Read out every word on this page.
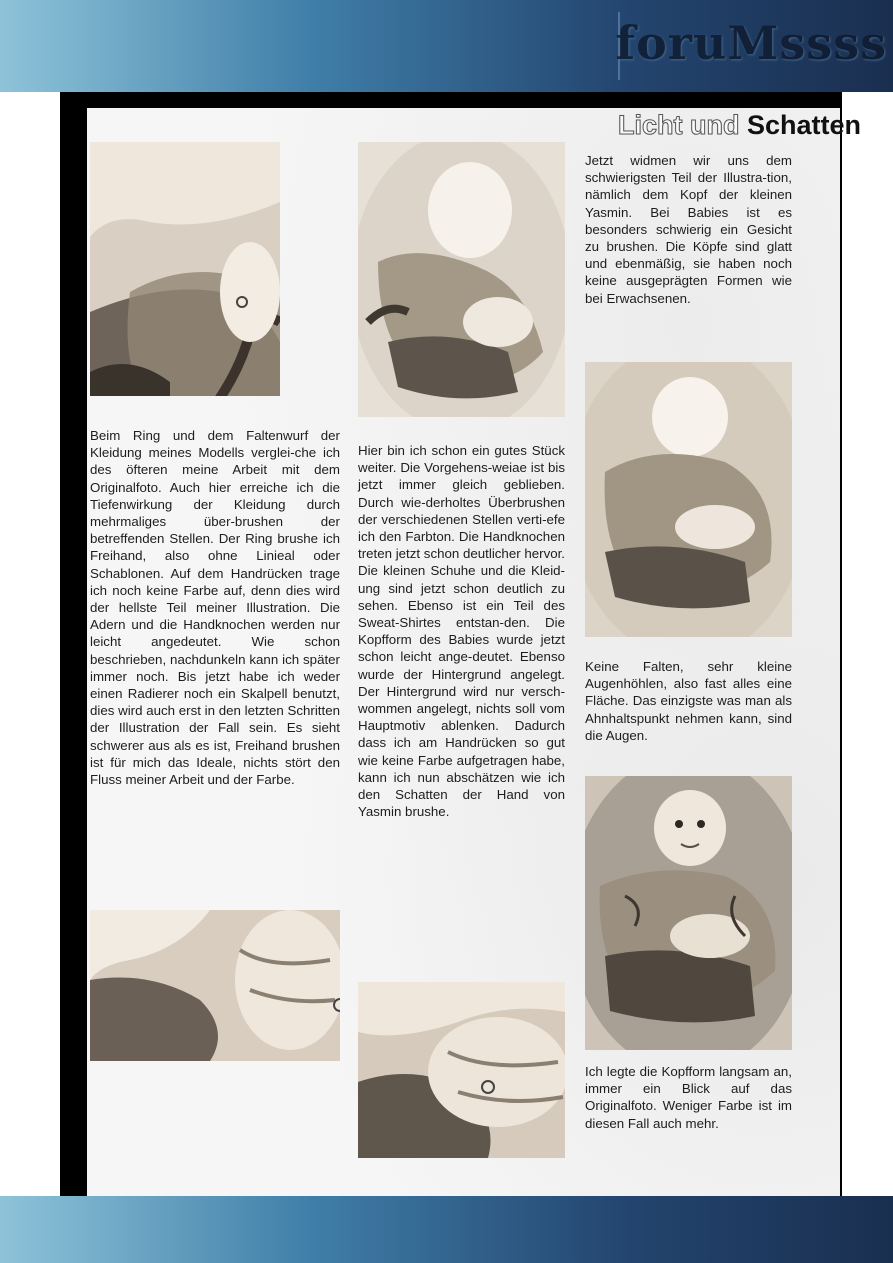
foruMssss
Licht und Schatten
Beim Ring und dem Faltenwurf der Kleidung meines Modells verglei-che ich des öfteren meine Arbeit mit dem Originalfoto. Auch hier erreiche ich die Tiefenwirkung der Kleidung durch mehrmaliges über-brushen der betreffenden Stellen. Der Ring brushe ich Freihand, also ohne Linieal oder Schablonen. Auf dem Handrücken trage ich noch keine Farbe auf, denn dies wird der hellste Teil meiner Illustration. Die Adern und die Handknochen werden nur leicht angedeutet. Wie schon beschrieben, nachdunkeln kann ich später immer noch. Bis jetzt habe ich weder einen Radierer noch ein Skalpell benutzt, dies wird auch erst in den letzten Schritten der Illustration der Fall sein. Es sieht schwerer aus als es ist, Freihand brushen ist für mich das Ideale, nichts stört den Fluss meiner Arbeit und der Farbe.
Hier bin ich schon ein gutes Stück weiter. Die Vorgehens-weiae ist bis jetzt immer gleich geblieben. Durch wie-derholtes Überbrushen der verschiedenen Stellen verti-efe ich den Farbton. Die Handknochen treten jetzt schon deutlicher hervor. Die kleinen Schuhe und die Kleid-ung sind jetzt schon deutlich zu sehen. Ebenso ist ein Teil des Sweat-Shirtes entstan-den. Die Kopfform des Babies wurde jetzt schon leicht ange-deutet. Ebenso wurde der Hintergrund angelegt. Der Hintergrund wird nur versch-wommen angelegt, nichts soll vom Hauptmotiv ablenken. Dadurch dass ich am Handrücken so gut wie keine Farbe aufgetragen habe, kann ich nun abschätzen wie ich den Schatten der Hand von Yasmin brushe.
Jetzt widmen wir uns dem schwierigsten Teil der Illustra-tion, nämlich dem Kopf der kleinen Yasmin. Bei Babies ist es besonders schwierig ein Gesicht zu brushen. Die Köpfe sind glatt und ebenmäßig, sie haben noch keine ausgeprägten Formen wie bei Erwachsenen.
Keine Falten, sehr kleine Augenhöhlen, also fast alles eine Fläche. Das einzigste was man als Ahnhaltspunkt nehmen kann, sind die Augen.
Ich legte die Kopfform langsam an, immer ein Blick auf das Originalfoto. Weniger Farbe ist im diesen Fall auch mehr.
